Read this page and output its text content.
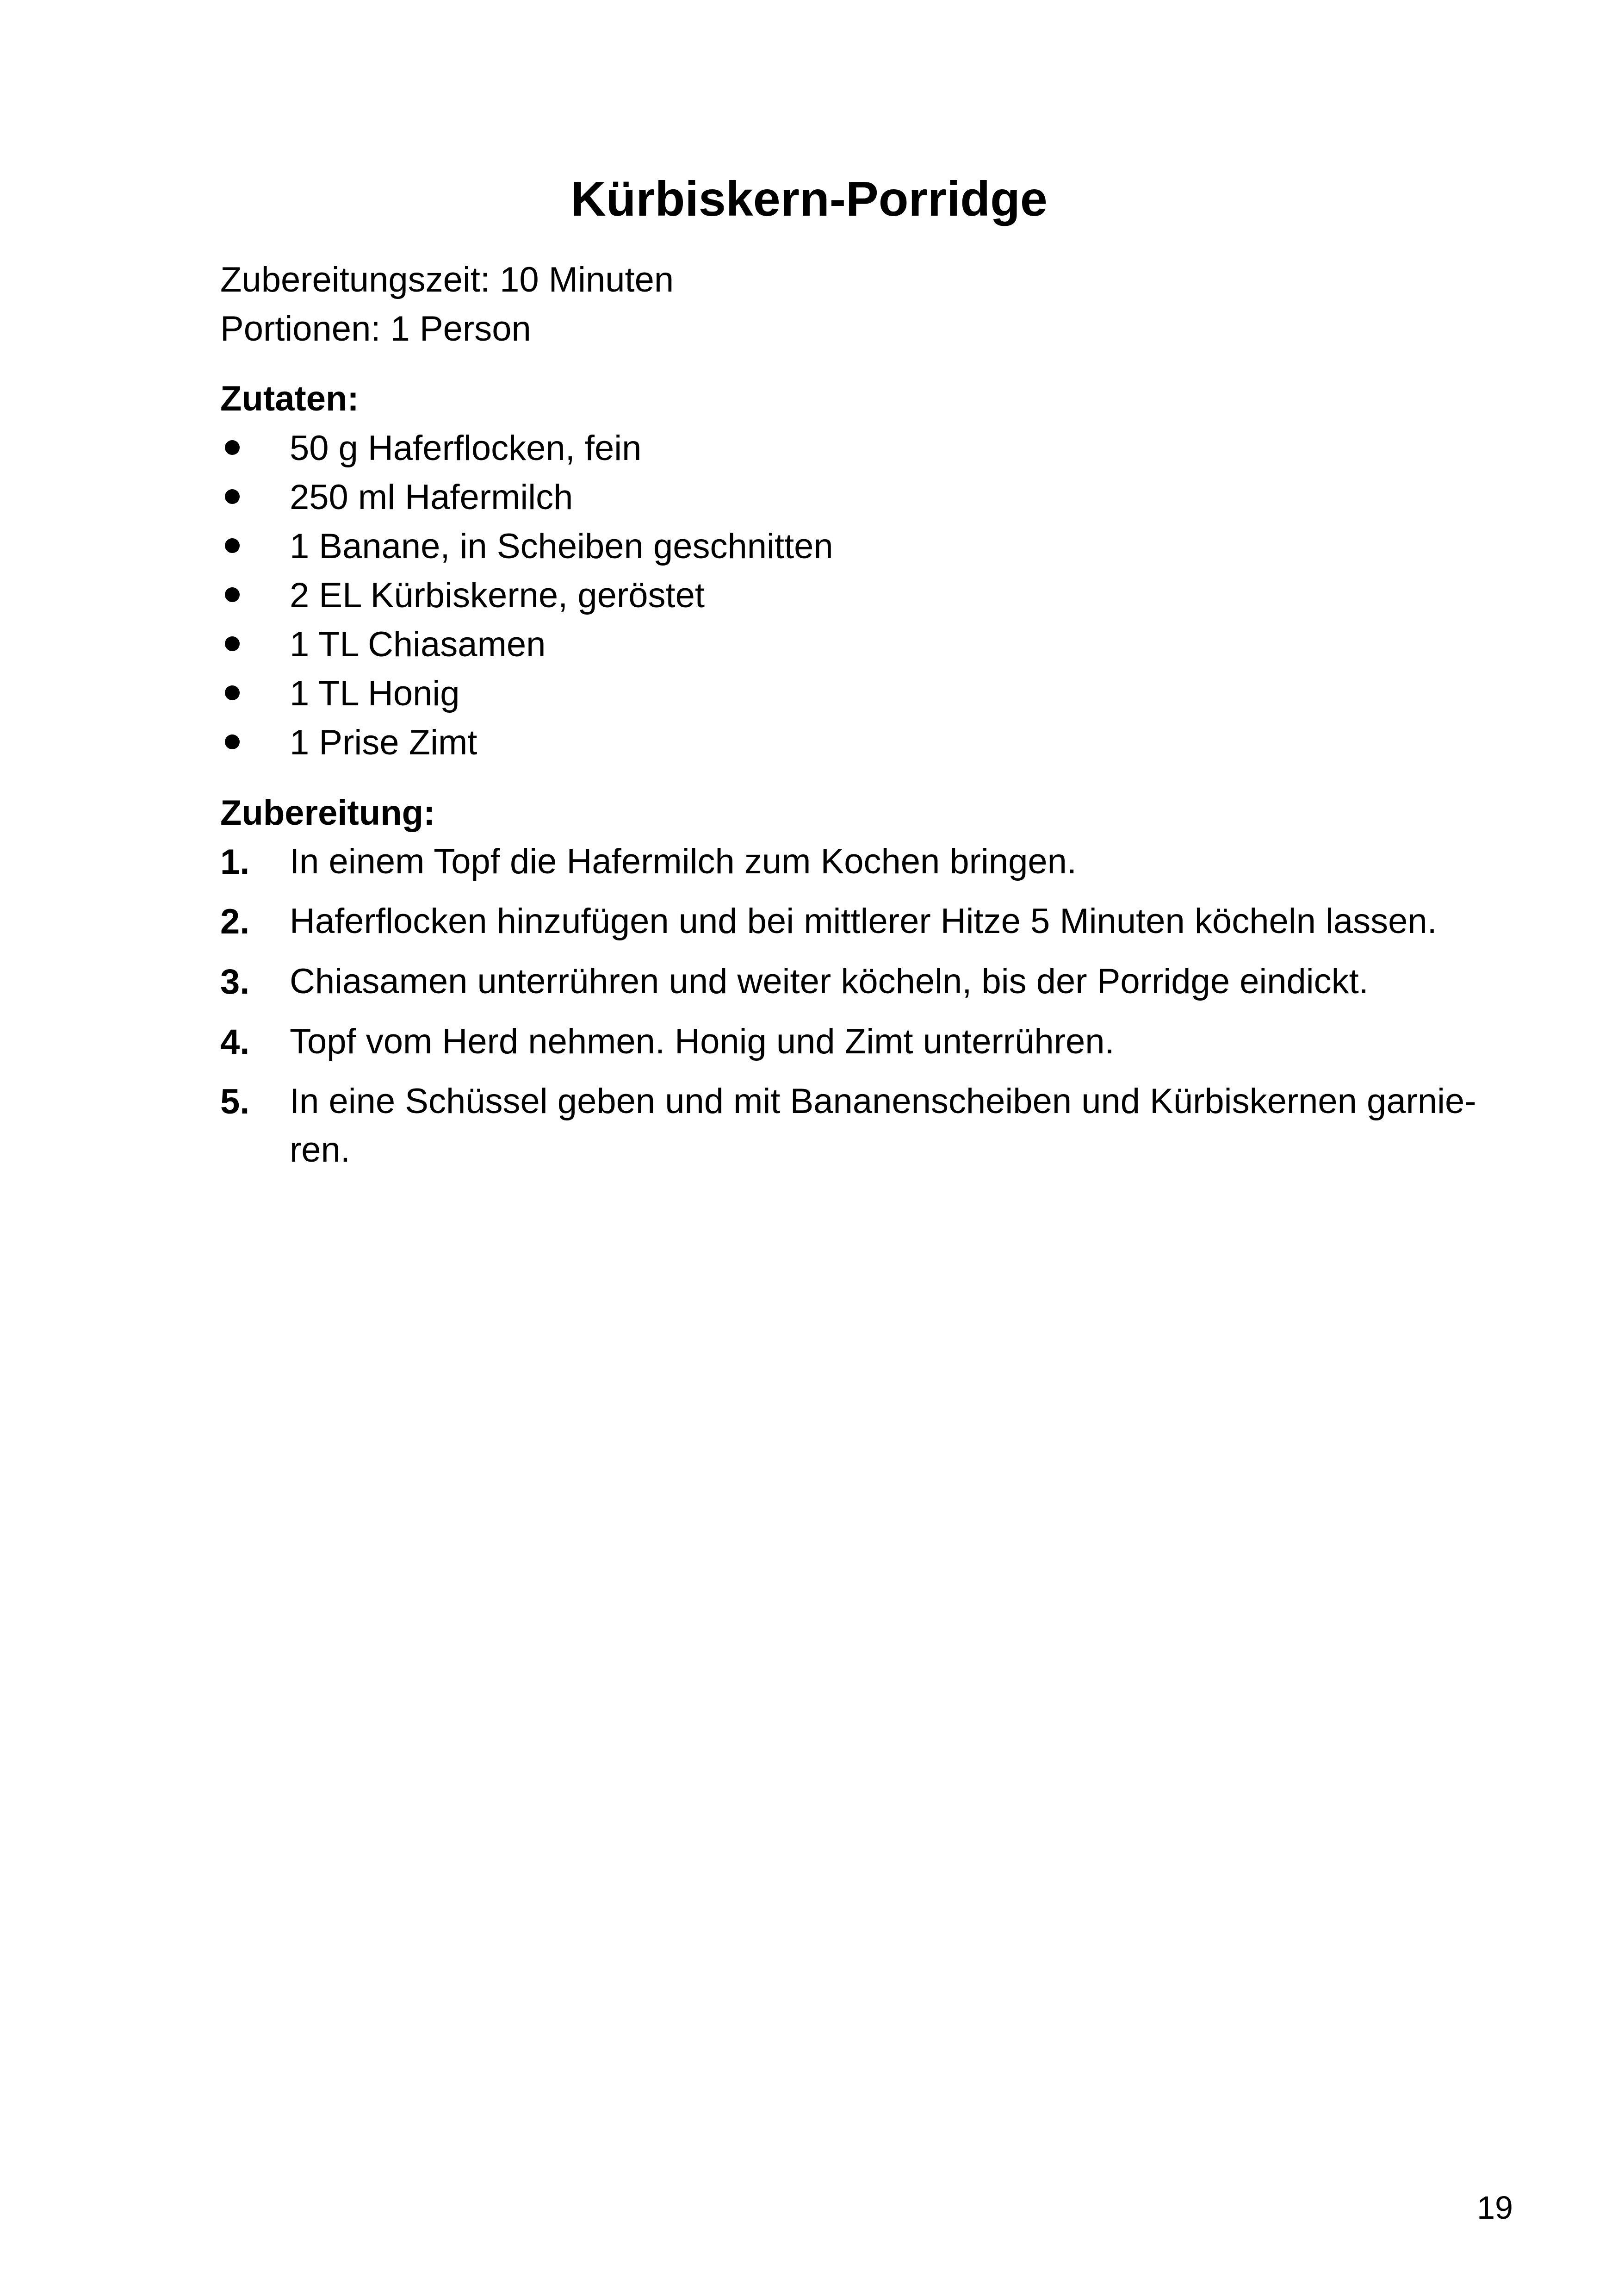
Kürbiskern-Porridge
Zubereitungszeit: 10 Minuten
Portionen: 1 Person
Zutaten:
50 g Haferflocken, fein
250 ml Hafermilch
1 Banane, in Scheiben geschnitten
2 EL Kürbiskerne, geröstet
1 TL Chiasamen
1 TL Honig
1 Prise Zimt
Zubereitung:
1. In einem Topf die Hafermilch zum Kochen bringen.
2. Haferflocken hinzufügen und bei mittlerer Hitze 5 Minuten köcheln lassen.
3. Chiasamen unterrühren und weiter köcheln, bis der Porridge eindickt.
4. Topf vom Herd nehmen. Honig und Zimt unterrühren.
5. In eine Schüssel geben und mit Bananenscheiben und Kürbiskernen garnie-ren.
19
